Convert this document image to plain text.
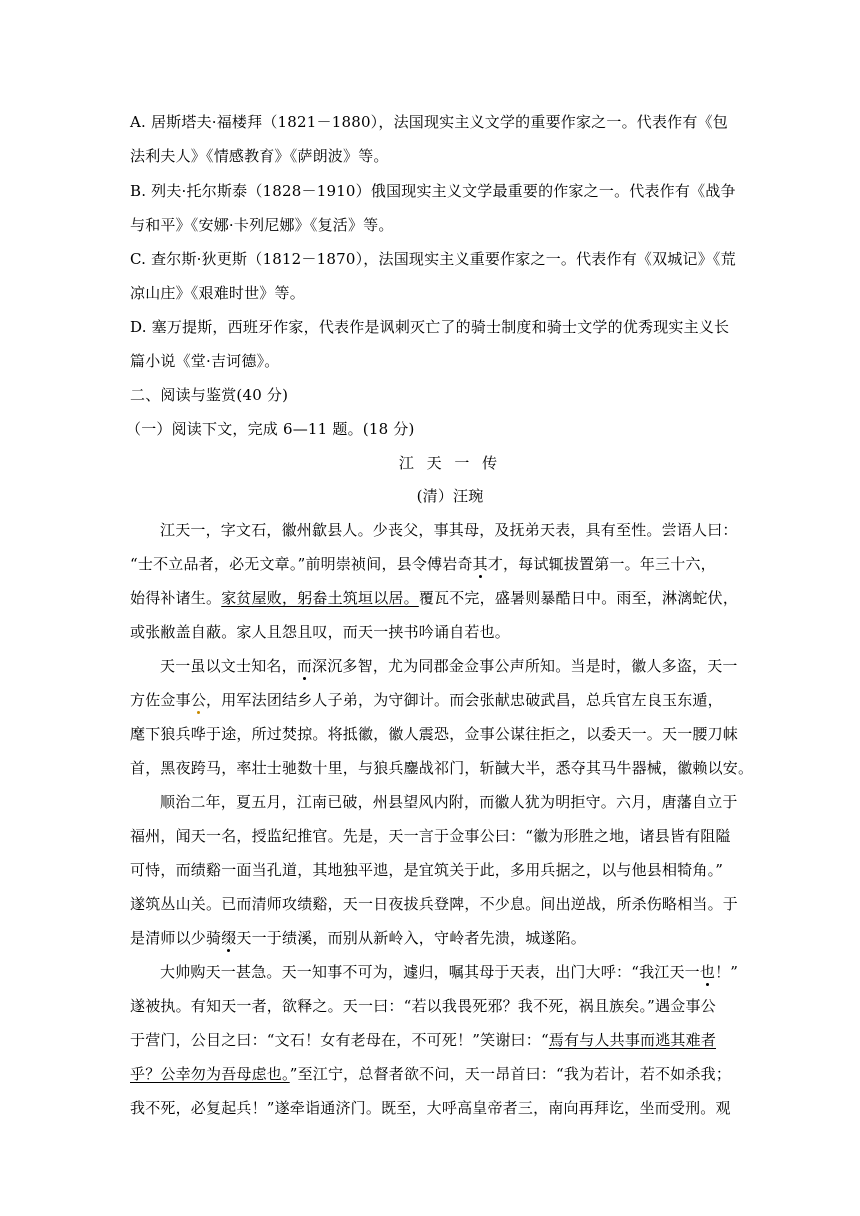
A. 居斯塔夫·福楼拜（1821－1880），法国现实主义文学的重要作家之一。代表作有《包
法利夫人》《情感教育》《萨朗波》等。
B. 列夫·托尔斯泰（1828－1910）俄国现实主义文学最重要的作家之一。代表作有《战争
与和平》《安娜·卡列尼娜》《复活》等。
C. 查尔斯·狄更斯（1812－1870），法国现实主义重要作家之一。代表作有《双城记》《荒
凉山庄》《艰难时世》等。
D. 塞万提斯，西班牙作家，代表作是讽刺灭亡了的骑士制度和骑士文学的优秀现实主义长
篇小说《堂·吉诃德》。
二、阅读与鉴赏(40 分)
（一）阅读下文，完成 6—11 题。(18 分)
江 天 一 传
(清）汪琬
江天一，字文石，徽州歙县人。少丧父，事其母，及抚弟天表，具有至性。尝语人曰：
“士不立品者，必无文章。”前明崇祯间，县令傅岩奇其才，每试辄拔置第一。年三十六，
始得补诸生。家贫屋败，躬畚土筑垣以居。覆瓦不完，盛暑则暴酷日中。雨至，淋漓蛇伏，
或张敝盖自蔽。家人且怨且叹，而天一挟书吟诵自若也。
天一虽以文士知名，而深沉多智，尤为同郡金佥事公声所知。当是时，徽人多盗，天一
方佐佥事公，用军法团结乡人子弟，为守御计。而会张献忠破武昌，总兵官左良玉东遁，
麾下狼兵哗于途，所过焚掠。将抵徽，徽人震恐，佥事公谋往拒之，以委天一。天一腰刀帓
首，黑夜跨马，率壮士驰数十里，与狼兵鏖战祁门，斩馘大半，悉夺其马牛器械，徽赖以安。
顺治二年，夏五月，江南已破，州县望风内附，而徽人犹为明拒守。六月，唐藩自立于
福州，闻天一名，授监纪推官。先是，天一言于佥事公曰：“徽为形胜之地，诸县皆有阻隘
可恃，而绩谿一面当孔道，其地独平迆，是宜筑关于此，多用兵据之，以与他县相犄角。”
遂筑丛山关。已而清师攻绩谿，天一日夜拔兵登陴，不少息。间出逆战，所杀伤略相当。于
是清师以少骑缀天一于绩溪，而别从新岭入，守岭者先溃，城遂陷。
大帅购天一甚急。天一知事不可为，遽归，嘱其母于天表，出门大呼：“我江天一也！”
遂被执。有知天一者，欲释之。天一曰：“若以我畏死邪？我不死，祸且族矣。”遇佥事公
于营门，公目之曰：“文石！女有老母在，不可死！”笑谢曰：“焉有与人共事而逃其难者
乎？公幸勿为吾母虑也。”至江宁，总督者欲不问，天一昂首曰：“我为若计，若不如杀我；
我不死，必复起兵！”遂牵诣通济门。既至，大呼高皇帝者三，南向再拜讫，坐而受刑。观
